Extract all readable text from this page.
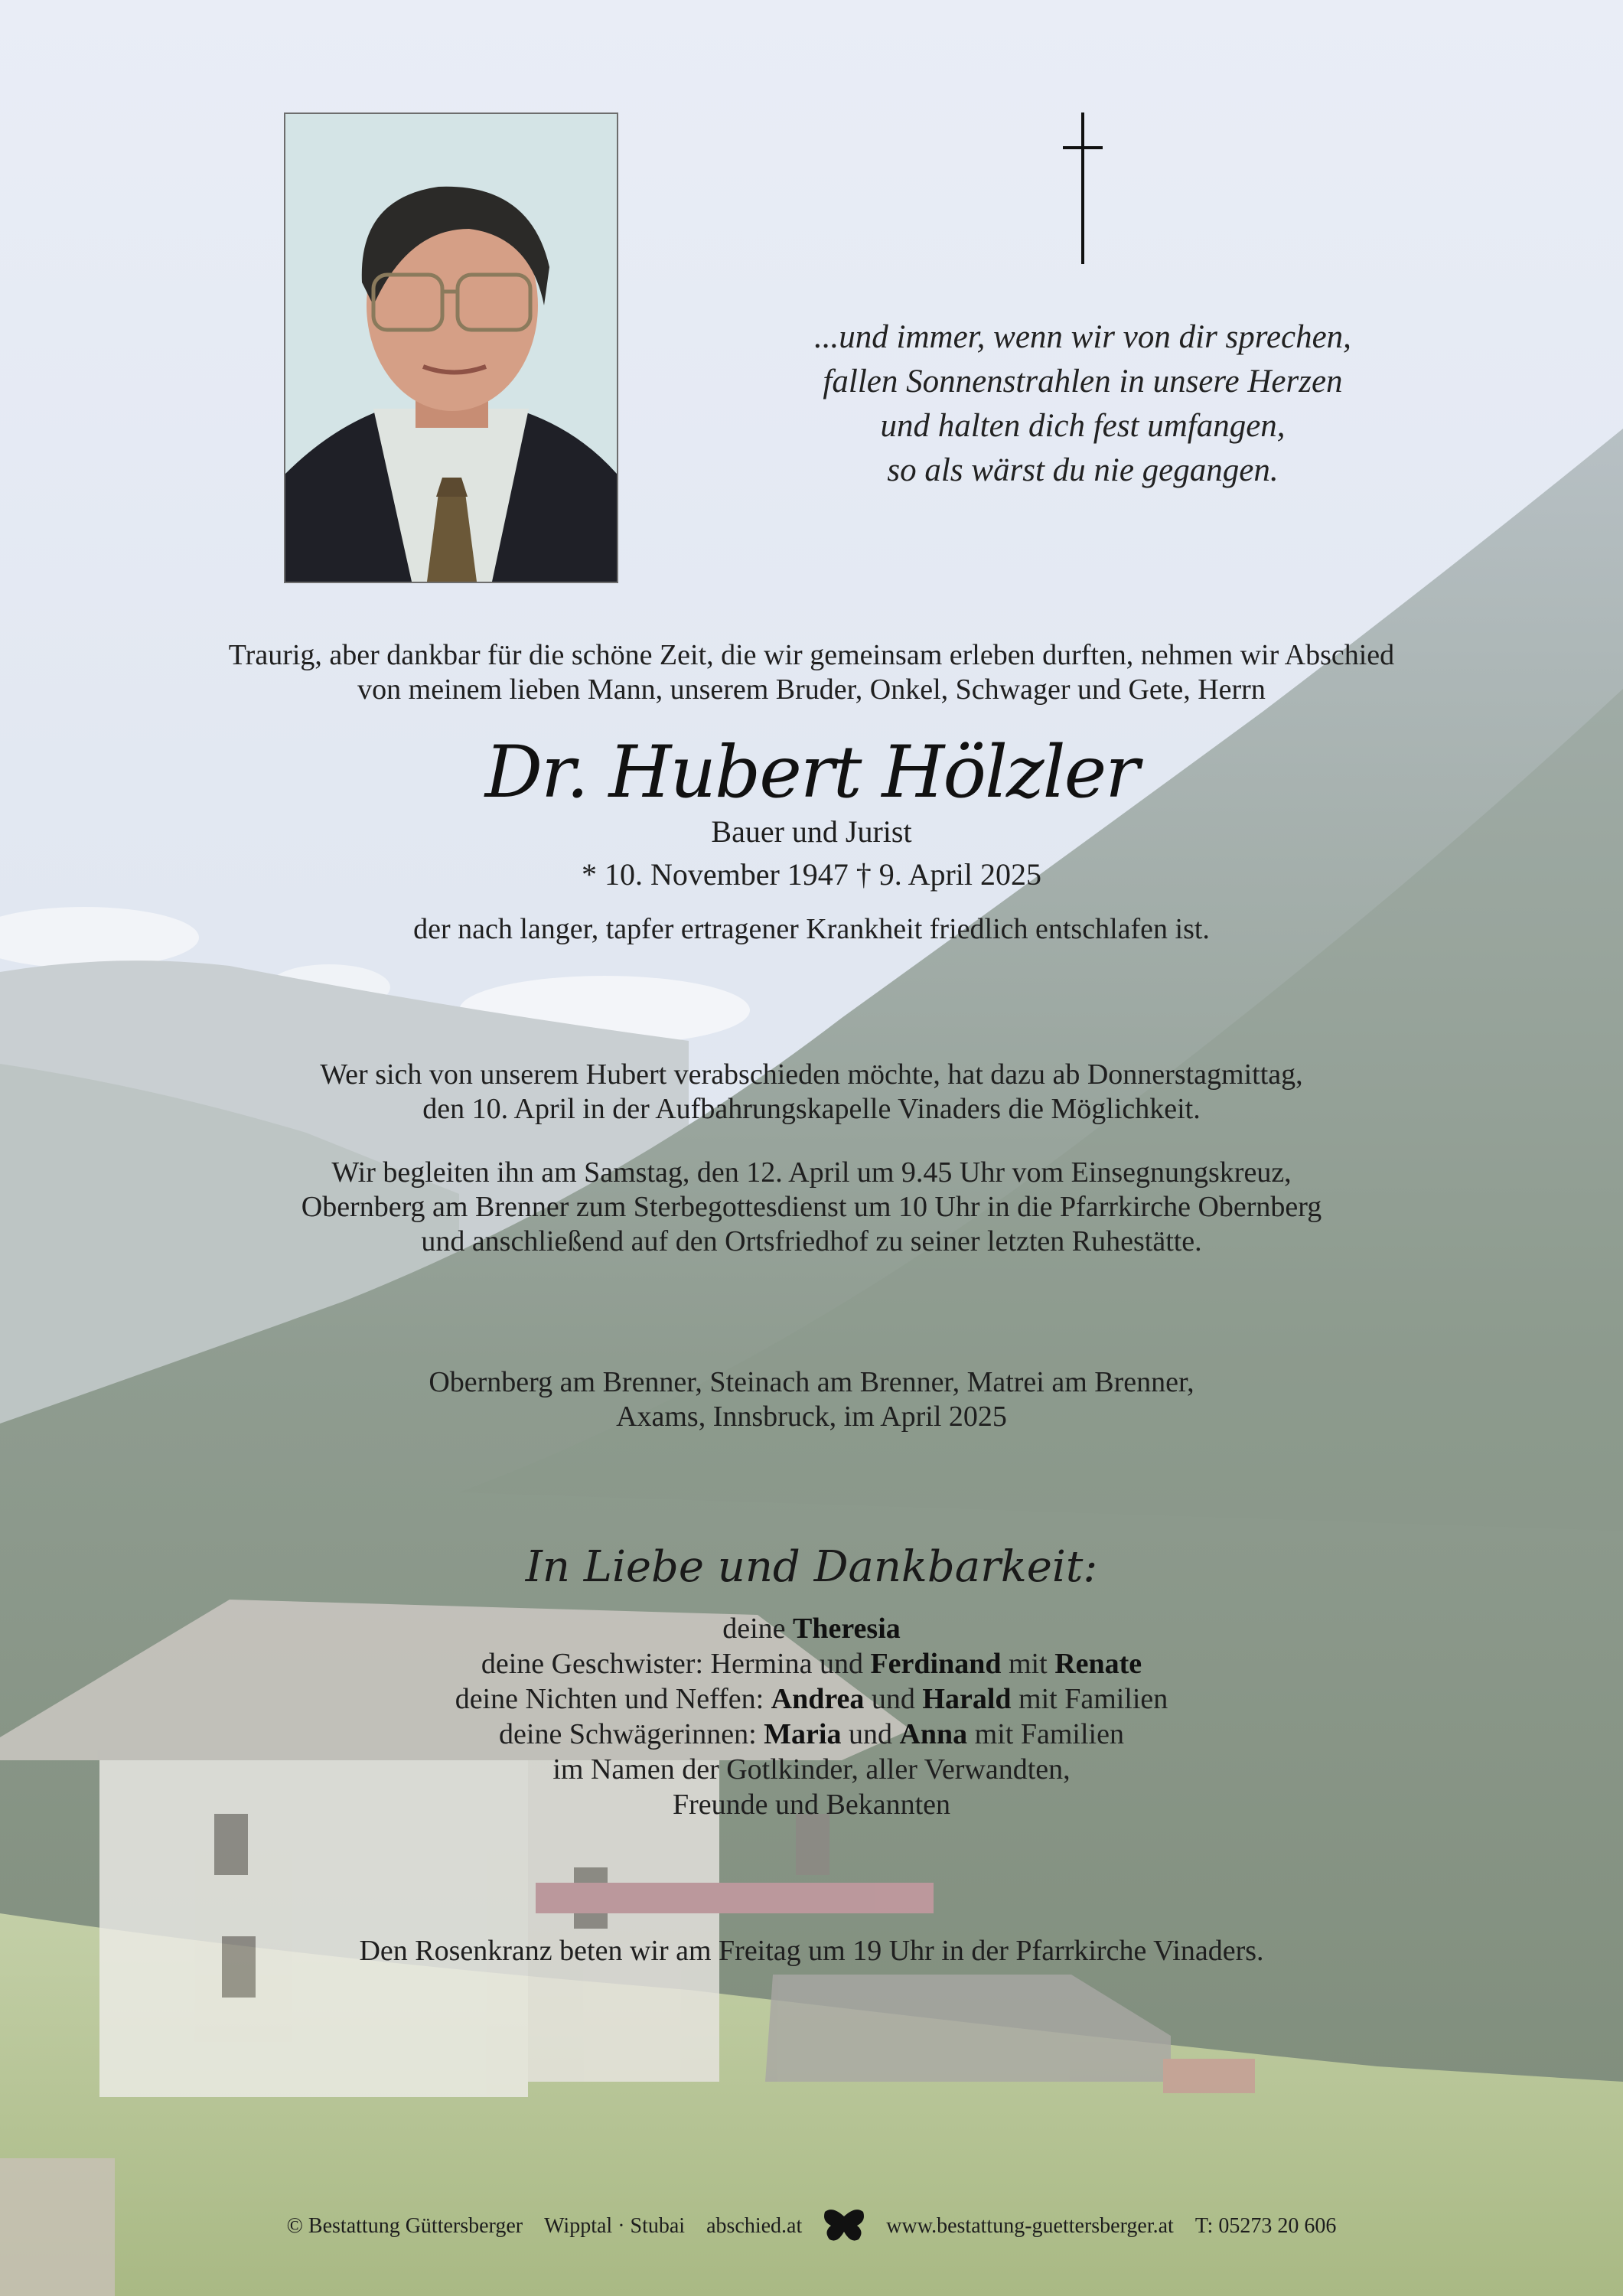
...und immer, wenn wir von dir sprechen,
fallen Sonnenstrahlen in unsere Herzen
und halten dich fest umfangen,
so als wärst du nie gegangen.
Traurig, aber dankbar für die schöne Zeit, die wir gemeinsam erleben durften, nehmen wir Abschied
von meinem lieben Mann, unserem Bruder, Onkel, Schwager und Gete, Herrn
Dr. Hubert Hölzler
Bauer und Jurist
* 10. November 1947 † 9. April 2025
der nach langer, tapfer ertragener Krankheit friedlich entschlafen ist.
Wer sich von unserem Hubert verabschieden möchte, hat dazu ab Donnerstagmittag,
den 10. April in der Aufbahrungskapelle Vinaders die Möglichkeit.
Wir begleiten ihn am Samstag, den 12. April um 9.45 Uhr vom Einsegnungskreuz,
Obernberg am Brenner zum Sterbegottesdienst um 10 Uhr in die Pfarrkirche Obernberg
und anschließend auf den Ortsfriedhof zu seiner letzten Ruhestätte.
Obernberg am Brenner, Steinach am Brenner, Matrei am Brenner,
Axams, Innsbruck, im April 2025
In Liebe und Dankbarkeit:
deine Theresia
deine Geschwister: Hermina und Ferdinand mit Renate
deine Nichten und Neffen: Andrea und Harald mit Familien
deine Schwägerinnen: Maria und Anna mit Familien
im Namen der Gotlkinder, aller Verwandten,
Freunde und Bekannten
Den Rosenkranz beten wir am Freitag um 19 Uhr in der Pfarrkirche Vinaders.
© Bestattung Güttersberger Wipptal · Stubai abschied.at	www.bestattung-guettersberger.at T: 05273 20 606
